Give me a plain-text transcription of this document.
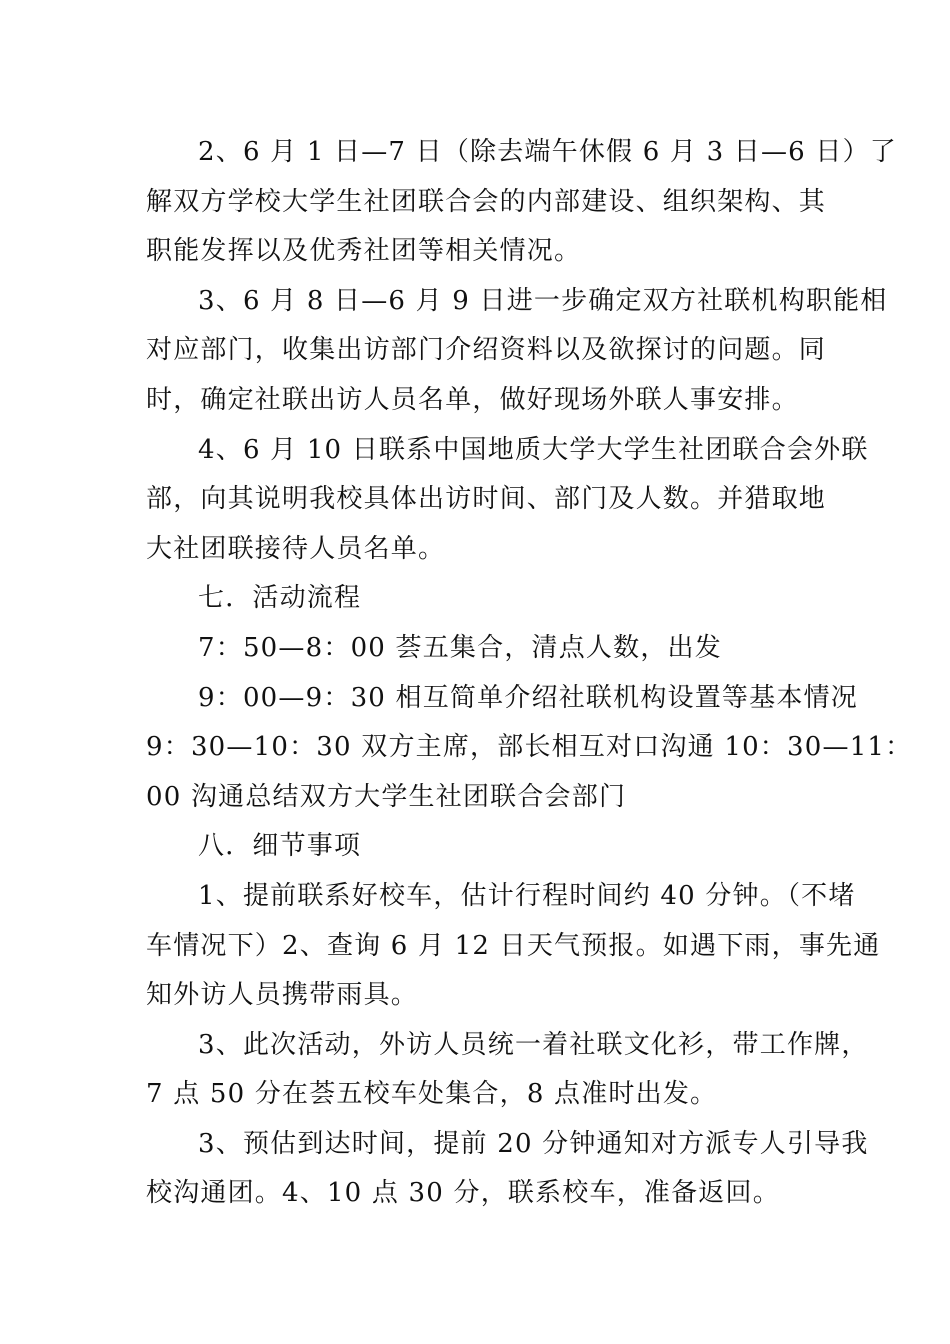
2、6 月 1 日—7 日（除去端午休假 6 月 3 日—6 日）了
解双方学校大学生社团联合会的内部建设、组织架构、其
职能发挥以及优秀社团等相关情况。
3、6 月 8 日—6 月 9 日进一步确定双方社联机构职能相
对应部门，收集出访部门介绍资料以及欲探讨的问题。同
时，确定社联出访人员名单，做好现场外联人事安排。
4、6 月 10 日联系中国地质大学大学生社团联合会外联
部，向其说明我校具体出访时间、部门及人数。并猎取地
大社团联接待人员名单。
七．活动流程
7：50—8：00 荟五集合，清点人数，出发
9：00—9：30 相互简单介绍社联机构设置等基本情况
9：30—10：30 双方主席，部长相互对口沟通 10：30—11：
00 沟通总结双方大学生社团联合会部门
八．细节事项
1、提前联系好校车，估计行程时间约 40 分钟。（不堵
车情况下）2、查询 6 月 12 日天气预报。如遇下雨，事先通
知外访人员携带雨具。
3、此次活动，外访人员统一着社联文化衫，带工作牌，
7 点 50 分在荟五校车处集合，8 点准时出发。
3、预估到达时间，提前 20 分钟通知对方派专人引导我
校沟通团。4、10 点 30 分，联系校车，准备返回。
